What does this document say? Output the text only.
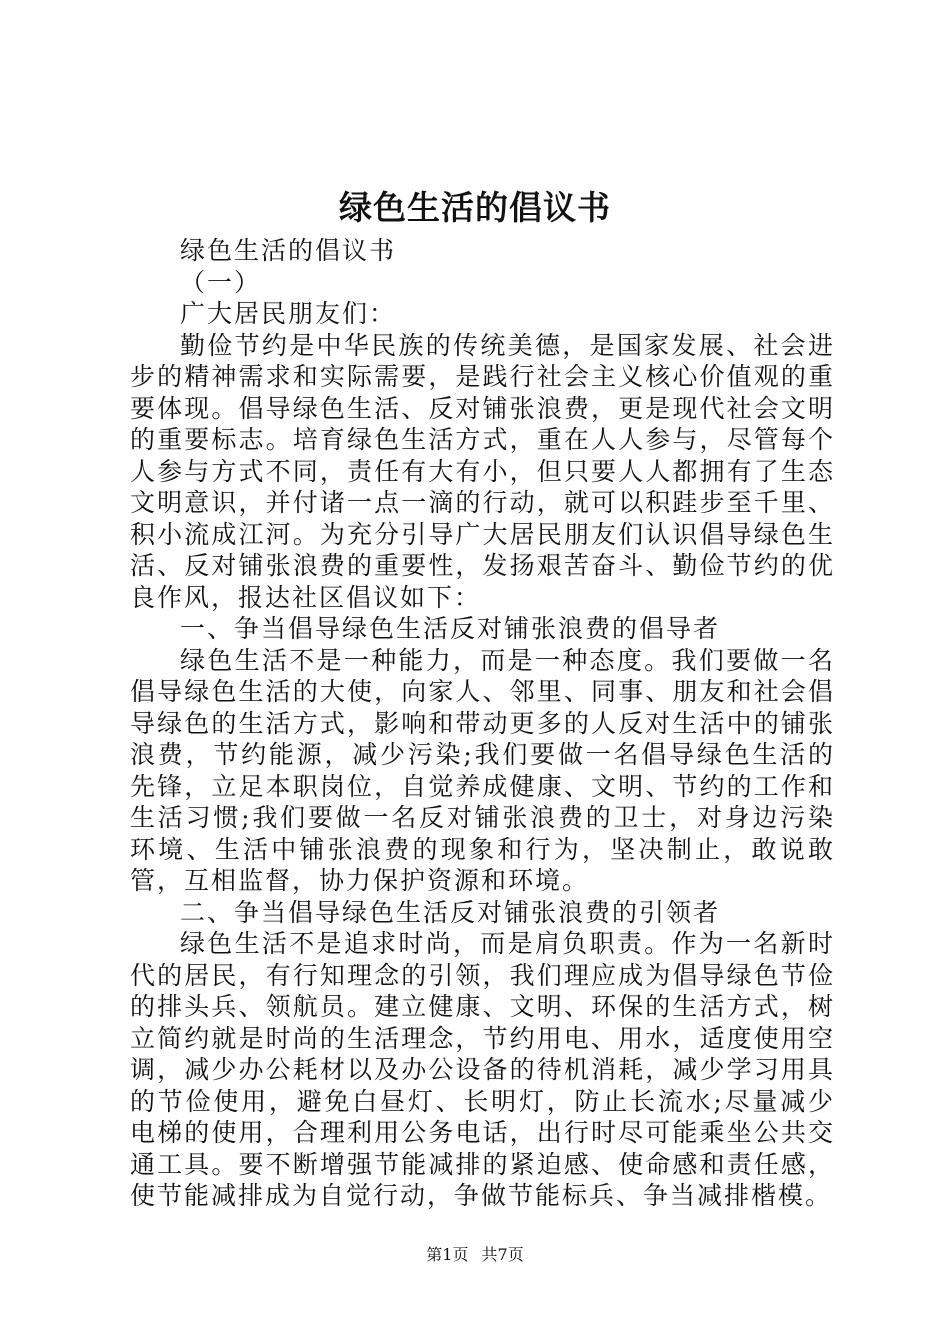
绿色生活的倡议书

绿色生活的倡议书

（一）

广大居民朋友们：

勤俭节约是中华民族的传统美德，是国家发展、社会进步的精神需求和实际需要，是践行社会主义核心价值观的重要体现。倡导绿色生活、反对铺张浪费，更是现代社会文明的重要标志。培育绿色生活方式，重在人人参与，尽管每个人参与方式不同，责任有大有小，但只要人人都拥有了生态文明意识，并付诸一点一滴的行动，就可以积跬步至千里、积小流成江河。为充分引导广大居民朋友们认识倡导绿色生活、反对铺张浪费的重要性，发扬艰苦奋斗、勤俭节约的优良作风，报达社区倡议如下：

一、争当倡导绿色生活反对铺张浪费的倡导者

绿色生活不是一种能力，而是一种态度。我们要做一名倡导绿色生活的大使，向家人、邻里、同事、朋友和社会倡导绿色的生活方式，影响和带动更多的人反对生活中的铺张浪费，节约能源，减少污染;我们要做一名倡导绿色生活的先锋，立足本职岗位，自觉养成健康、文明、节约的工作和生活习惯;我们要做一名反对铺张浪费的卫士，对身边污染环境、生活中铺张浪费的现象和行为，坚决制止，敢说敢管，互相监督，协力保护资源和环境。

二、争当倡导绿色生活反对铺张浪费的引领者

绿色生活不是追求时尚，而是肩负职责。作为一名新时代的居民，有行知理念的引领，我们理应成为倡导绿色节俭的排头兵、领航员。建立健康、文明、环保的生活方式，树立简约就是时尚的生活理念，节约用电、用水，适度使用空调，减少办公耗材以及办公设备的待机消耗，减少学习用具的节俭使用，避免白昼灯、长明灯，防止长流水;尽量减少电梯的使用，合理利用公务电话，出行时尽可能乘坐公共交通工具。要不断增强节能减排的紧迫感、使命感和责任感，使节能减排成为自觉行动，争做节能标兵、争当减排楷模。

第1页 共7页
